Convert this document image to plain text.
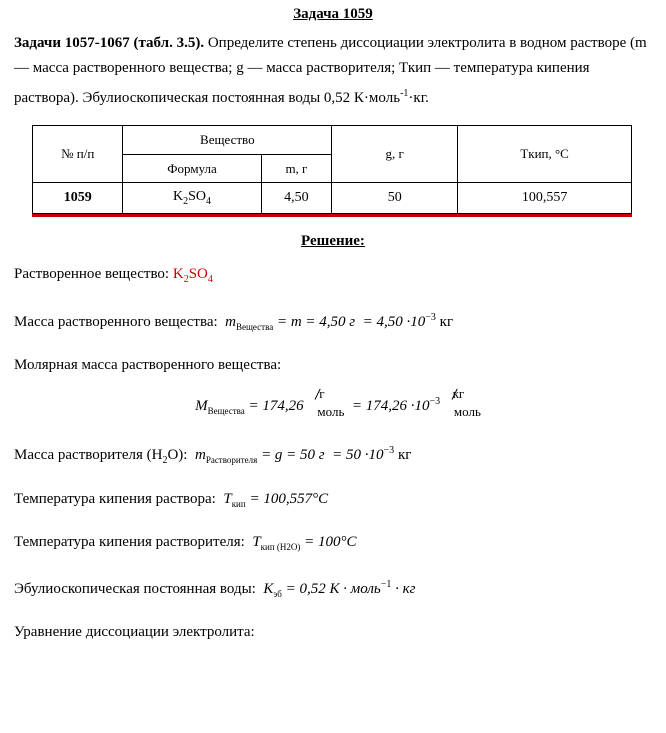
Задача 1059
Задачи 1057-1067 (табл. 3.5). Определите степень диссоциации электролита в водном растворе (m — масса растворенного вещества; g — масса растворителя; Ткип — температура кипения раствора). Эбулиоскопическая постоянная воды 0,52 К·моль$^{-1}$·кг.
№ п/п	Вещество		g, г	Tкип, °С
	Формула	m, г		
1059	$K_2SO_4$	4,50	50	100,557
Решение:
Растворенное вещество: $K_2SO_4$
Масса растворенного вещества: $m_{Вещества} = m = 4,50$ $г = 4,50 \cdot 10^{-3}$ кг
Молярная масса растворенного вещества:
$M_{Вещества} = 174,26$
г
моль = $174,26 \cdot 10^{-3}$
кг
моль
Масса растворителя $(H_2O)$: $m_{Растворителя} = g = 50$ $г = 50 \cdot 10^{-3}$ кг
Температура кипения раствора: $T_{кип} = 100,557^\circ C$
Температура кипения растворителя: $T_{кип (H2O)} = 100^\circ C$
Эбулиоскопическая постоянная воды: $K_{эб} = 0,52$ К · моль$^{-1}$ · кг
Уравнение диссоциации электролита:
